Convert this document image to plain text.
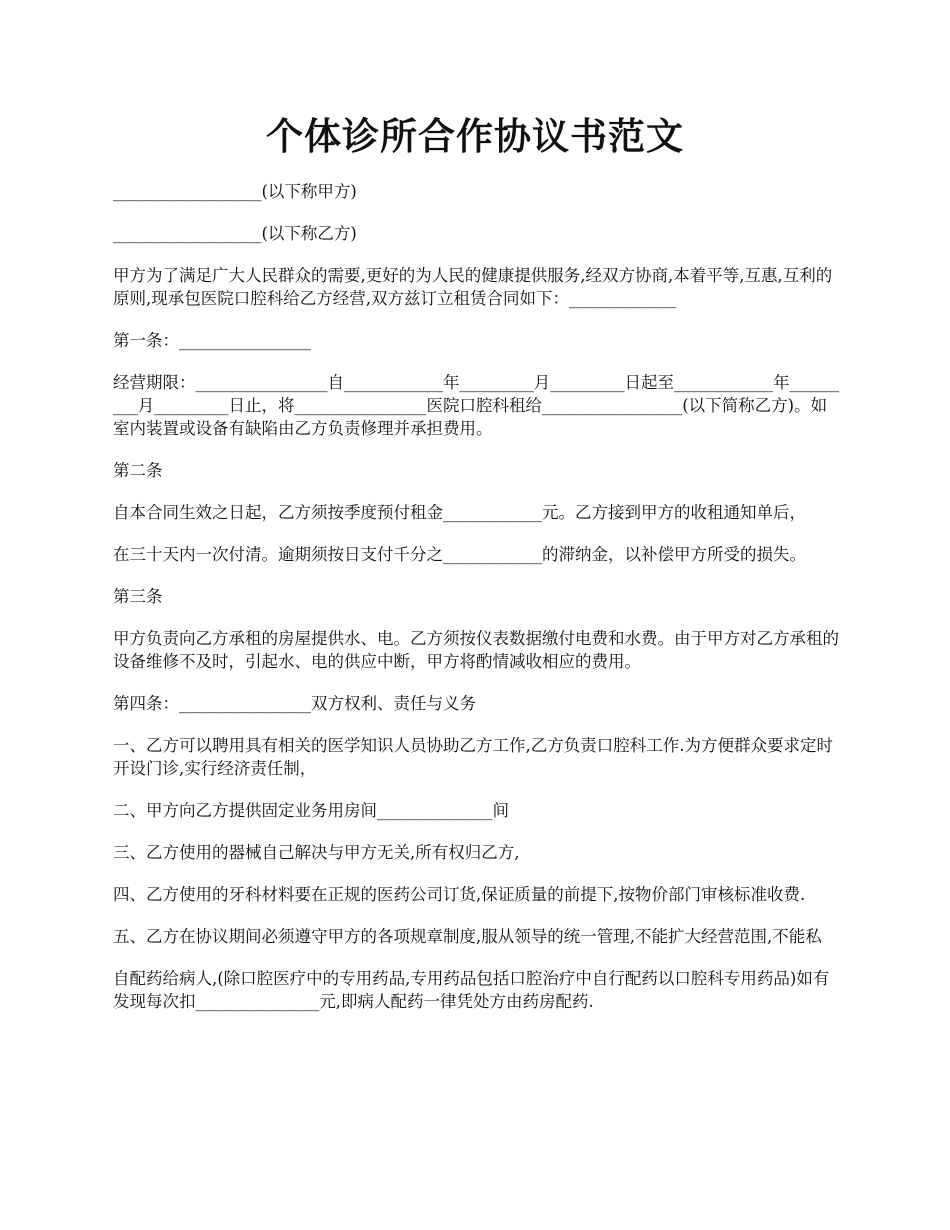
个体诊所合作协议书范文

__________________(以下称甲方)

__________________(以下称乙方)

甲方为了满足广大人民群众的需要,更好的为人民的健康提供服务,经双方协商,本着平等,互惠,互利的原则,现承包医院口腔科给乙方经营,双方兹订立租赁合同如下：_____________

第一条：________________

经营期限：________________自____________年_________月_________日起至____________年_________月_________日止，将________________医院口腔科租给_________________(以下简称乙方)。如室内装置或设备有缺陷由乙方负责修理并承担费用。

第二条

自本合同生效之日起，乙方须按季度预付租金____________元。乙方接到甲方的收租通知单后，

在三十天内一次付清。逾期须按日支付千分之____________的滞纳金，以补偿甲方所受的损失。

第三条

甲方负责向乙方承租的房屋提供水、电。乙方须按仪表数据缴付电费和水费。由于甲方对乙方承租的设备维修不及时，引起水、电的供应中断，甲方将酌情减收相应的费用。

第四条：________________双方权利、责任与义务

一、乙方可以聘用具有相关的医学知识人员协助乙方工作,乙方负责口腔科工作.为方便群众要求定时开设门诊,实行经济责任制，

二、甲方向乙方提供固定业务用房间______________间

三、乙方使用的器械自己解决与甲方无关,所有权归乙方,

四、乙方使用的牙科材料要在正规的医药公司订货,保证质量的前提下,按物价部门审核标准收费.

五、乙方在协议期间必须遵守甲方的各项规章制度,服从领导的统一管理,不能扩大经营范围,不能私

自配药给病人,(除口腔医疗中的专用药品,专用药品包括口腔治疗中自行配药以口腔科专用药品)如有发现每次扣_______________元,即病人配药一律凭处方由药房配药.
